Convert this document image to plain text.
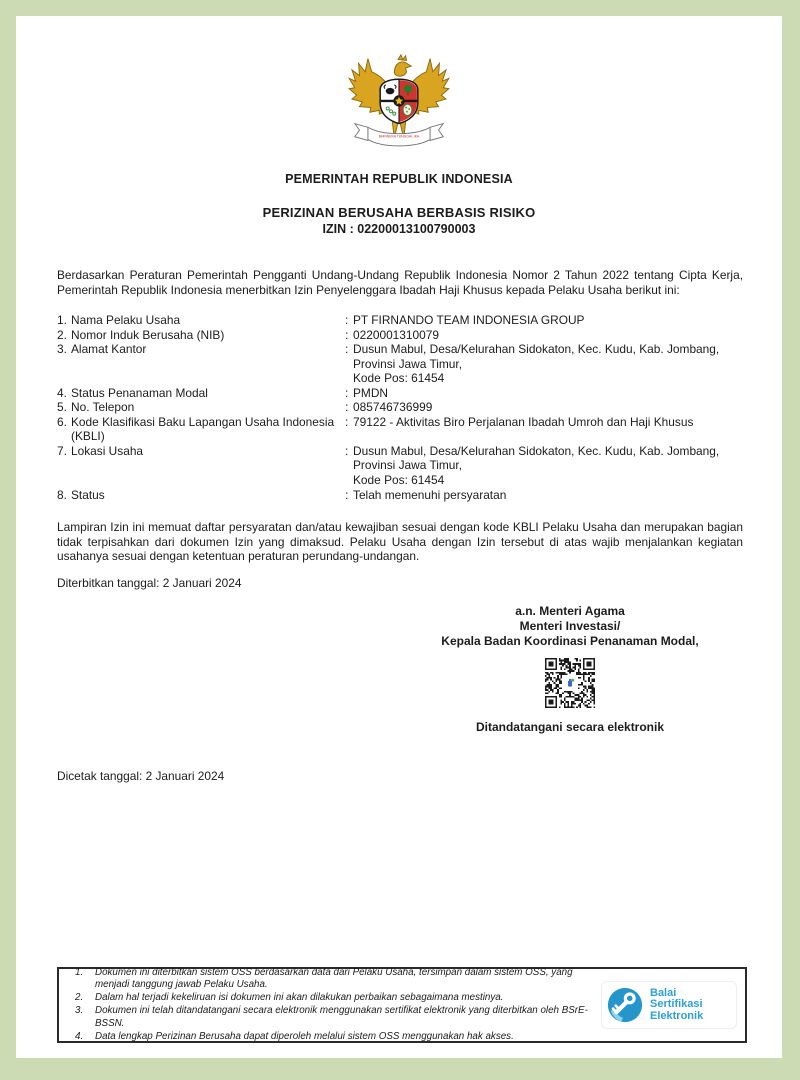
BHINNEKA TUNGGAL IKA
PEMERINTAH REPUBLIK INDONESIA
PERIZINAN BERUSAHA BERBASIS RISIKO
IZIN : 02200013100790003
Berdasarkan Peraturan Pemerintah Pengganti Undang-Undang Republik Indonesia Nomor 2 Tahun 2022 tentang Cipta Kerja, Pemerintah Republik Indonesia menerbitkan Izin Penyelenggara Ibadah Haji Khusus kepada Pelaku Usaha berikut ini:
1. Nama Pelaku Usaha	: PT FIRNANDO TEAM INDONESIA GROUP
2. Nomor Induk Berusaha (NIB)	: 0220001310079
3. Alamat Kantor	: Dusun Mabul, Desa/Kelurahan Sidokaton, Kec. Kudu, Kab. Jombang,
Provinsi Jawa Timur,
Kode Pos: 61454
4. Status Penanaman Modal	: PMDN
5. No. Telepon	: 085746736999
6. Kode Klasifikasi Baku Lapangan Usaha Indonesia
(KBLI)
: 79122 - Aktivitas Biro Perjalanan Ibadah Umroh dan Haji Khusus
7. Lokasi Usaha	: Dusun Mabul, Desa/Kelurahan Sidokaton, Kec. Kudu, Kab. Jombang,
Provinsi Jawa Timur,
Kode Pos: 61454
8. Status	: Telah memenuhi persyaratan
Lampiran Izin ini memuat daftar persyaratan dan/atau kewajiban sesuai dengan kode KBLI Pelaku Usaha dan merupakan bagian tidak terpisahkan dari dokumen Izin yang dimaksud. Pelaku Usaha dengan Izin tersebut di atas wajib menjalankan kegiatan usahanya sesuai dengan ketentuan peraturan perundang-undangan.
Diterbitkan tanggal: 2 Januari 2024
a.n. Menteri Agama
Menteri Investasi/
Kepala Badan Koordinasi Penanaman Modal,
Ditandatangani secara elektronik
Dicetak tanggal: 2 Januari 2024
1.	Dokumen ini diterbitkan sistem OSS berdasarkan data dari Pelaku Usaha, tersimpan dalam sistem OSS, yang menjadi tanggung jawab Pelaku Usaha.
2.	Dalam hal terjadi kekeliruan isi dokumen ini akan dilakukan perbaikan sebagaimana mestinya.
3.	Dokumen ini telah ditandatangani secara elektronik menggunakan sertifikat elektronik yang diterbitkan oleh BSrE-BSSN.
4.	Data lengkap Perizinan Berusaha dapat diperoleh melalui sistem OSS menggunakan hak akses.
Balai
Sertifikasi
Elektronik
